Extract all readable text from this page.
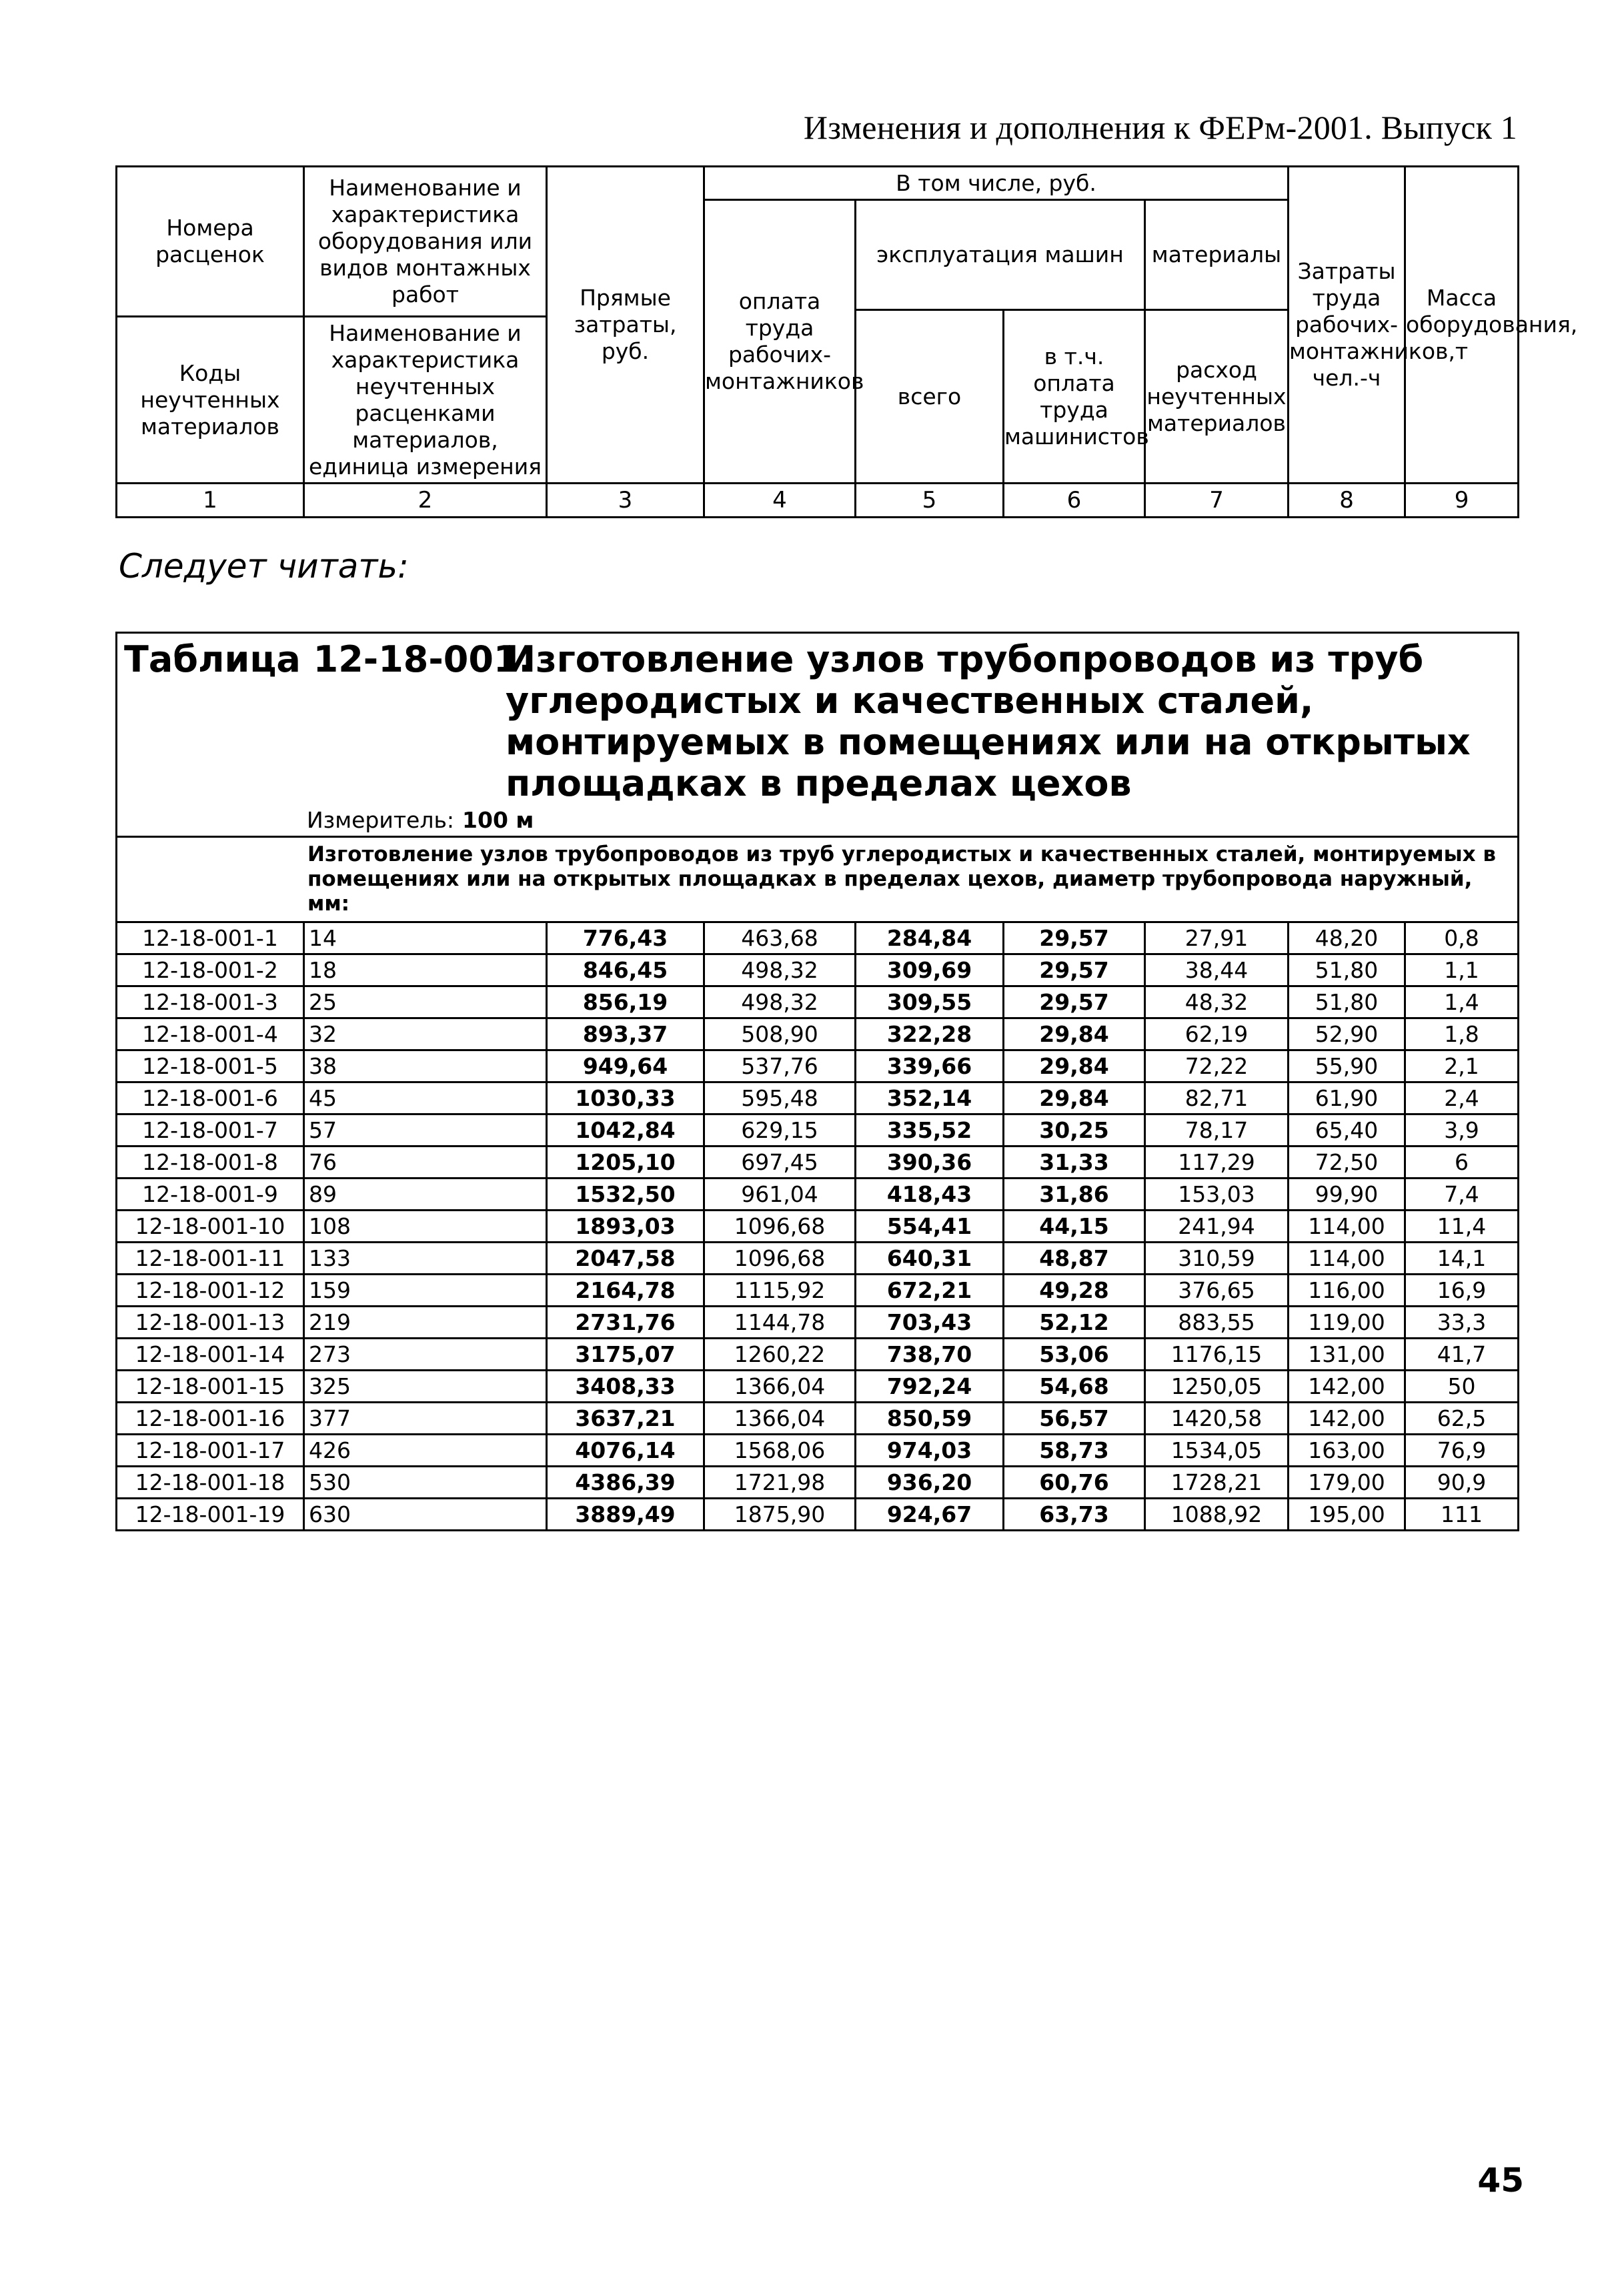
Изменения и дополнения к ФЕРм-2001. Выпуск 1
Номера расценок	Наименование и характеристика оборудования или видов монтажных работ	Прямые затраты, руб.	В том числе, руб.				Затраты труда рабочих-монтажников, чел.-ч	Масса оборудования, т
			оплата труда рабочих-монтажников	эксплуатация машин		материалы		
				всего	в т.ч. оплата труда машинистов	расход неучтенных материалов		
Коды неучтенных материалов	Наименование и характеристика неучтенных расценками материалов, единица измерения							

1	2	3	4	5	6	7	8	9
Следует читать:
Таблица 12-18-001.
Изготовление узлов трубопроводов из труб углеродистых и качественных сталей, монтируемых в помещениях или на открытых площадках в пределах цехов
Измеритель: 100 м								

Изготовление узлов трубопроводов из труб углеродистых и качественных сталей, монтируемых в помещениях или на открытых площадках в пределах цехов, диаметр трубопровода наружный, мм:								

12-18-001-1	14	776,43	463,68	284,84	29,57	27,91	48,20	0,8
12-18-001-2	18	846,45	498,32	309,69	29,57	38,44	51,80	1,1
12-18-001-3	25	856,19	498,32	309,55	29,57	48,32	51,80	1,4
12-18-001-4	32	893,37	508,90	322,28	29,84	62,19	52,90	1,8
12-18-001-5	38	949,64	537,76	339,66	29,84	72,22	55,90	2,1
12-18-001-6	45	1030,33	595,48	352,14	29,84	82,71	61,90	2,4
12-18-001-7	57	1042,84	629,15	335,52	30,25	78,17	65,40	3,9
12-18-001-8	76	1205,10	697,45	390,36	31,33	117,29	72,50	6
12-18-001-9	89	1532,50	961,04	418,43	31,86	153,03	99,90	7,4
12-18-001-10	108	1893,03	1096,68	554,41	44,15	241,94	114,00	11,4
12-18-001-11	133	2047,58	1096,68	640,31	48,87	310,59	114,00	14,1
12-18-001-12	159	2164,78	1115,92	672,21	49,28	376,65	116,00	16,9
12-18-001-13	219	2731,76	1144,78	703,43	52,12	883,55	119,00	33,3
12-18-001-14	273	3175,07	1260,22	738,70	53,06	1176,15	131,00	41,7
12-18-001-15	325	3408,33	1366,04	792,24	54,68	1250,05	142,00	50
12-18-001-16	377	3637,21	1366,04	850,59	56,57	1420,58	142,00	62,5
12-18-001-17	426	4076,14	1568,06	974,03	58,73	1534,05	163,00	76,9
12-18-001-18	530	4386,39	1721,98	936,20	60,76	1728,21	179,00	90,9
12-18-001-19	630	3889,49	1875,90	924,67	63,73	1088,92	195,00	111
45
